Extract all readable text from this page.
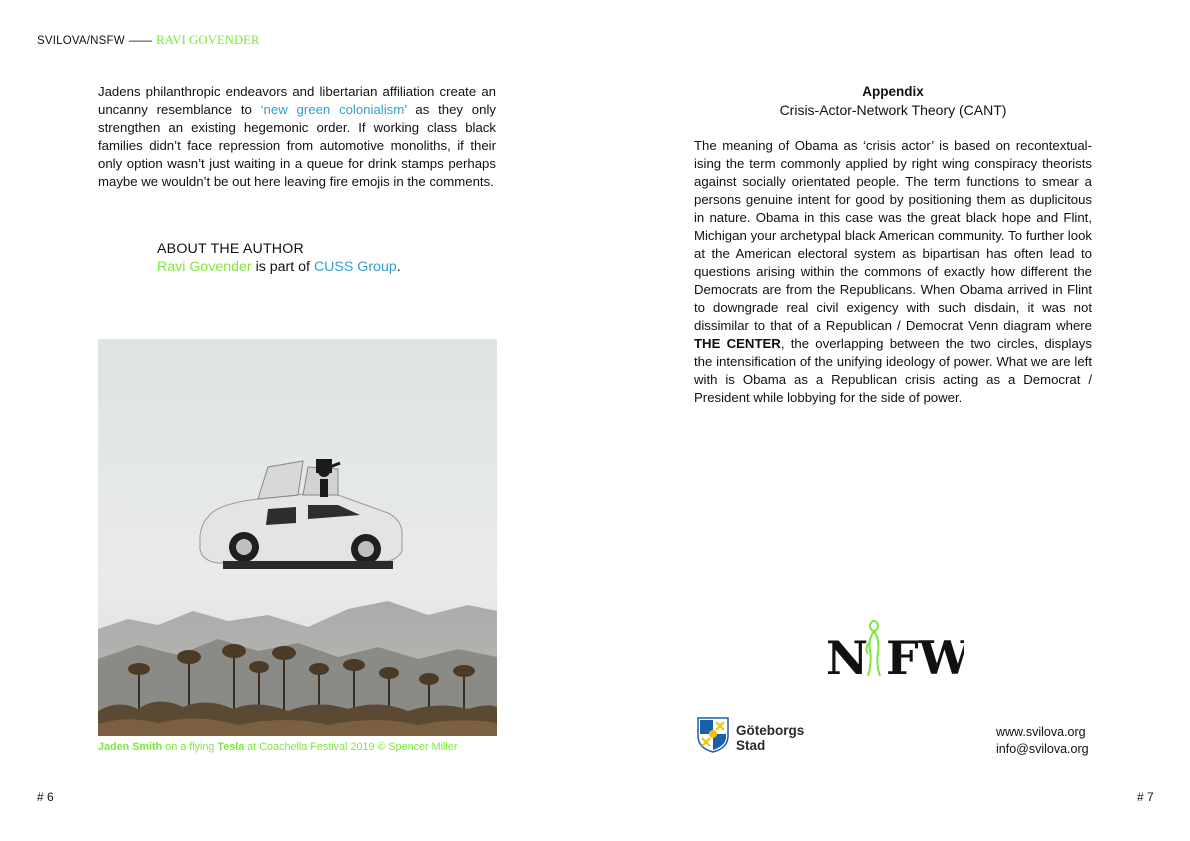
SVILOVA/NSFW —— RAVI GOVENDER

Jadens philanthropic endeavors and libertarian affiliation create an uncanny resemblance to ‘new green colonialism’ as they only strengthen an existing hegemonic order. If working class black families didn’t face repression from automotive monoliths, if their only option wasn’t just waiting in a queue for drink stamps perhaps maybe we wouldn’t be out here leaving fire emojis in the comments.

ABOUT THE AUTHOR
Ravi Govender is part of CUSS Group.
Jaden Smith on a flying Tesla at Coachella Festival 2019 © Spencer Miller
# 6	# 7
Appendix
Crisis-Actor-Network Theory (CANT)

The meaning of Obama as ‘crisis actor’ is based on recontextual-ising the term commonly applied by right wing conspiracy theorists against socially orientated people. The term functions to smear a persons genuine intent for good by positioning them as duplicitous in nature. Obama in this case was the great black hope and Flint, Michigan your archetypal black American community. To further look at the American electoral system as bipartisan has often lead to questions arising within the commons of exactly how different the Democrats are from the Republicans. When Obama arrived in Flint to downgrade real civil exigency with such disdain, it was not dissimilar to that of a Republican / Democrat Venn diagram where THE CENTER, the overlapping between the two circles, displays the intensification of the unifying ideology of power. What we are left with is Obama as a Republican crisis acting as a Democrat / President while lobbying for the side of power.

N FW
Göteborgs
Stad
www.svilova.org
info@svilova.org
